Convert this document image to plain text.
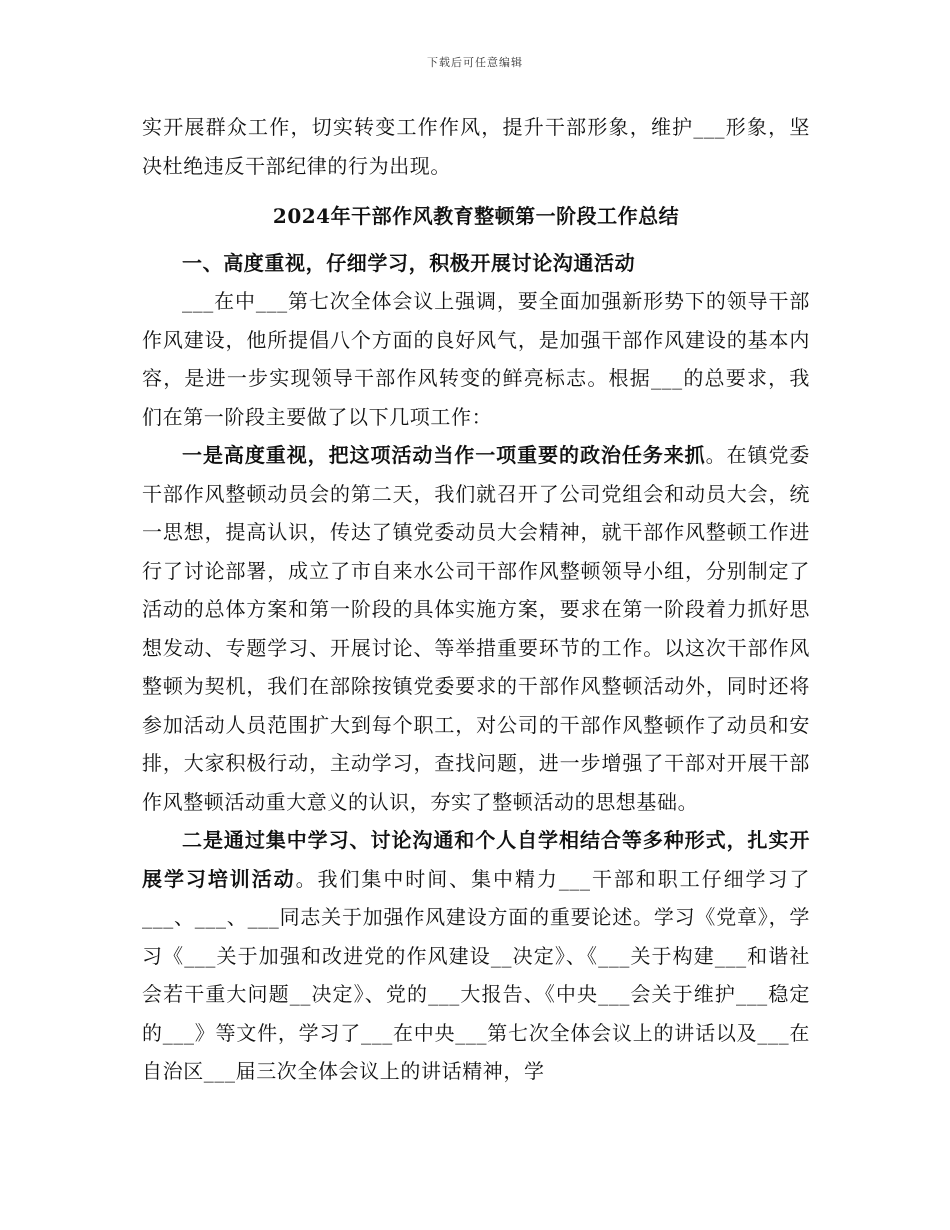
下载后可任意编辑

实开展群众工作，切实转变工作作风，提升干部形象，维护___形象，坚决杜绝违反干部纪律的行为出现。

2024年干部作风教育整顿第一阶段工作总结

一、高度重视，仔细学习，积极开展讨论沟通活动

___在中___第七次全体会议上强调，要全面加强新形势下的领导干部作风建设，他所提倡八个方面的良好风气，是加强干部作风建设的基本内容，是进一步实现领导干部作风转变的鲜亮标志。根据___的总要求，我们在第一阶段主要做了以下几项工作：

一是高度重视，把这项活动当作一项重要的政治任务来抓。在镇党委干部作风整顿动员会的第二天，我们就召开了公司党组会和动员大会，统一思想，提高认识，传达了镇党委动员大会精神，就干部作风整顿工作进行了讨论部署，成立了市自来水公司干部作风整顿领导小组，分别制定了活动的总体方案和第一阶段的具体实施方案，要求在第一阶段着力抓好思想发动、专题学习、开展讨论、等举措重要环节的工作。以这次干部作风整顿为契机，我们在部除按镇党委要求的干部作风整顿活动外，同时还将参加活动人员范围扩大到每个职工，对公司的干部作风整顿作了动员和安排，大家积极行动，主动学习，查找问题，进一步增强了干部对开展干部作风整顿活动重大意义的认识，夯实了整顿活动的思想基础。

二是通过集中学习、讨论沟通和个人自学相结合等多种形式，扎实开展学习培训活动。我们集中时间、集中精力___干部和职工仔细学习了___、___、___同志关于加强作风建设方面的重要论述。学习《党章》，学习《___关于加强和改进党的作风建设__决定》、《___关于构建___和谐社会若干重大问题__决定》、党的___大报告、《中央___会关于维护___稳定的___》等文件，学习了___在中央___第七次全体会议上的讲话以及___在自治区___届三次全体会议上的讲话精神，学
